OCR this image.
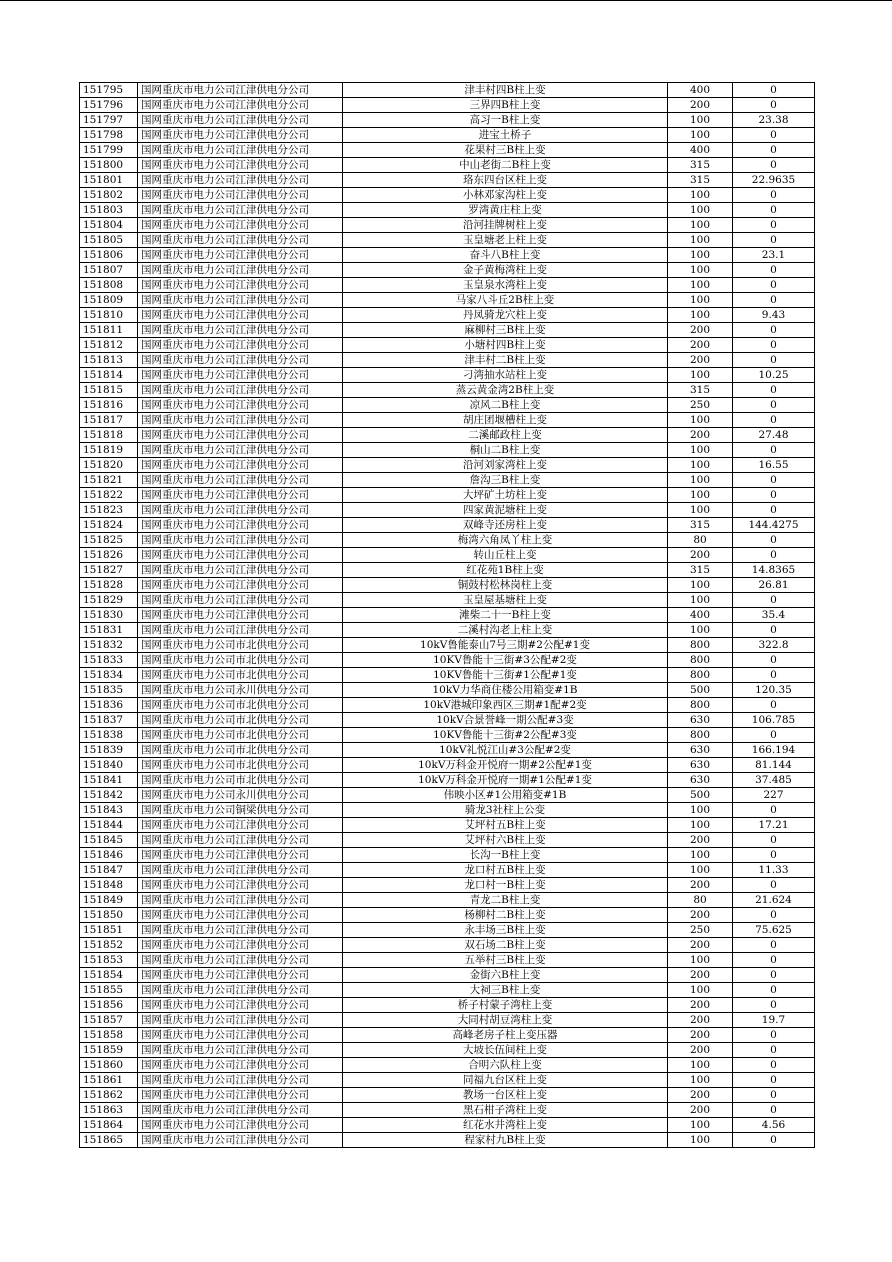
151795	国网重庆市电力公司江津供电分公司	津丰村四B柱上变	400	0
151796	国网重庆市电力公司江津供电分公司	三界四B柱上变	200	0
151797	国网重庆市电力公司江津供电分公司	高习一B柱上变	100	23.38
151798	国网重庆市电力公司江津供电分公司	进宝土桥子	100	0
151799	国网重庆市电力公司江津供电分公司	花果村三B柱上变	400	0
151800	国网重庆市电力公司江津供电分公司	中山老街二B柱上变	315	0
151801	国网重庆市电力公司江津供电分公司	珞东四台区柱上变	315	22.9635
151802	国网重庆市电力公司江津供电分公司	小林邓家沟柱上变	100	0
151803	国网重庆市电力公司江津供电分公司	罗湾黄庄柱上变	100	0
151804	国网重庆市电力公司江津供电分公司	沿河挂牌树柱上变	100	0
151805	国网重庆市电力公司江津供电分公司	玉皇塘老上柱上变	100	0
151806	国网重庆市电力公司江津供电分公司	奋斗八B柱上变	100	23.1
151807	国网重庆市电力公司江津供电分公司	金子黄梅湾柱上变	100	0
151808	国网重庆市电力公司江津供电分公司	玉皇泉水湾柱上变	100	0
151809	国网重庆市电力公司江津供电分公司	马家八斗丘2B柱上变	100	0
151810	国网重庆市电力公司江津供电分公司	丹凤骑龙穴柱上变	100	9.43
151811	国网重庆市电力公司江津供电分公司	麻柳村三B柱上变	200	0
151812	国网重庆市电力公司江津供电分公司	小塘村四B柱上变	200	0
151813	国网重庆市电力公司江津供电分公司	津丰村二B柱上变	200	0
151814	国网重庆市电力公司江津供电分公司	刁湾抽水站柱上变	100	10.25
151815	国网重庆市电力公司江津供电分公司	蒸云黄金湾2B柱上变	315	0
151816	国网重庆市电力公司江津供电分公司	凉风二B柱上变	250	0
151817	国网重庆市电力公司江津供电分公司	胡庄团堰槽柱上变	100	0
151818	国网重庆市电力公司江津供电分公司	二溪邮政柱上变	200	27.48
151819	国网重庆市电力公司江津供电分公司	桐山二B柱上变	100	0
151820	国网重庆市电力公司江津供电分公司	沿河刘家湾柱上变	100	16.55
151821	国网重庆市电力公司江津供电分公司	詹沟三B柱上变	100	0
151822	国网重庆市电力公司江津供电分公司	大坪矿土坊柱上变	100	0
151823	国网重庆市电力公司江津供电分公司	四家黄泥塘柱上变	100	0
151824	国网重庆市电力公司江津供电分公司	双峰寺还房柱上变	315	144.4275
151825	国网重庆市电力公司江津供电分公司	梅湾六角凤丫柱上变	80	0
151826	国网重庆市电力公司江津供电分公司	转山丘柱上变	200	0
151827	国网重庆市电力公司江津供电分公司	红花苑1B柱上变	315	14.8365
151828	国网重庆市电力公司江津供电分公司	铜鼓村松林岗柱上变	100	26.81
151829	国网重庆市电力公司江津供电分公司	玉皇屋基塘柱上变	100	0
151830	国网重庆市电力公司江津供电分公司	滩柴二十一B柱上变	400	35.4
151831	国网重庆市电力公司江津供电分公司	二溪村沟老上柱上变	100	0
151832	国网重庆市电力公司市北供电分公司	10kV鲁能泰山7号三期#2公配#1变	800	322.8
151833	国网重庆市电力公司市北供电分公司	10KV鲁能十三街#3公配#2变	800	0
151834	国网重庆市电力公司市北供电分公司	10KV鲁能十三街#1公配#1变	800	0
151835	国网重庆市电力公司永川供电分公司	10kV力华商住楼公用箱变#1B	500	120.35
151836	国网重庆市电力公司市北供电分公司	10kV港城印象西区三期#1配#2变	800	0
151837	国网重庆市电力公司市北供电分公司	10kV合景誉峰一期公配#3变	630	106.785
151838	国网重庆市电力公司市北供电分公司	10KV鲁能十三街#2公配#3变	800	0
151839	国网重庆市电力公司市北供电分公司	10kV礼悦江山#3公配#2变	630	166.194
151840	国网重庆市电力公司市北供电分公司	10kV万科金开悦府一期#2公配#1变	630	81.144
151841	国网重庆市电力公司市北供电分公司	10kV万科金开悦府一期#1公配#1变	630	37.485
151842	国网重庆市电力公司永川供电分公司	伟映小区#1公用箱变#1B	500	227
151843	国网重庆市电力公司铜梁供电分公司	骑龙3社柱上公变	100	0
151844	国网重庆市电力公司江津供电分公司	艾坪村五B柱上变	100	17.21
151845	国网重庆市电力公司江津供电分公司	艾坪村六B柱上变	200	0
151846	国网重庆市电力公司江津供电分公司	长沟一B柱上变	100	0
151847	国网重庆市电力公司江津供电分公司	龙口村五B柱上变	100	11.33
151848	国网重庆市电力公司江津供电分公司	龙口村一B柱上变	200	0
151849	国网重庆市电力公司江津供电分公司	青龙二B柱上变	80	21.624
151850	国网重庆市电力公司江津供电分公司	杨柳村二B柱上变	200	0
151851	国网重庆市电力公司江津供电分公司	永丰场三B柱上变	250	75.625
151852	国网重庆市电力公司江津供电分公司	双石场二B柱上变	200	0
151853	国网重庆市电力公司江津供电分公司	五举村三B柱上变	100	0
151854	国网重庆市电力公司江津供电分公司	金街六B柱上变	200	0
151855	国网重庆市电力公司江津供电分公司	大祠三B柱上变	100	0
151856	国网重庆市电力公司江津供电分公司	桥子村蒙子湾柱上变	200	0
151857	国网重庆市电力公司江津供电分公司	大同村胡豆湾柱上变	200	19.7
151858	国网重庆市电力公司江津供电分公司	高峰老房子柱上变压器	200	0
151859	国网重庆市电力公司江津供电分公司	大坡长伍间柱上变	200	0
151860	国网重庆市电力公司江津供电分公司	合明六队柱上变	100	0
151861	国网重庆市电力公司江津供电分公司	同福九台区柱上变	100	0
151862	国网重庆市电力公司江津供电分公司	教场一台区柱上变	200	0
151863	国网重庆市电力公司江津供电分公司	黑石柑子湾柱上变	200	0
151864	国网重庆市电力公司江津供电分公司	红花水井湾柱上变	100	4.56
151865	国网重庆市电力公司江津供电分公司	程家村九B柱上变	100	0
